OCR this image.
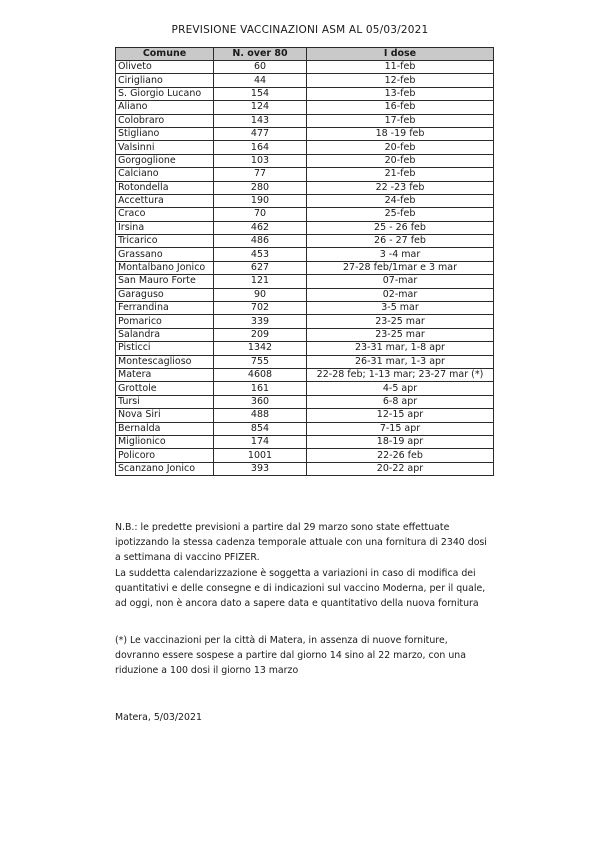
PREVISIONE VACCINAZIONI ASM AL 05/03/2021
Comune	N. over 80	I dose
Oliveto	60	11-feb
Cirigliano	44	12-feb
S. Giorgio Lucano	154	13-feb
Aliano	124	16-feb
Colobraro	143	17-feb
Stigliano	477	18 -19 feb
Valsinni	164	20-feb
Gorgoglione	103	20-feb
Calciano	77	21-feb
Rotondella	280	22 -23 feb
Accettura	190	24-feb
Craco	70	25-feb
Irsina	462	25 - 26 feb
Tricarico	486	26 - 27 feb
Grassano	453	3 -4 mar
Montalbano Jonico	627	27-28 feb/1mar e 3 mar
San Mauro Forte	121	07-mar
Garaguso	90	02-mar
Ferrandina	702	3-5 mar
Pomarico	339	23-25 mar
Salandra	209	23-25 mar
Pisticci	1342	23-31 mar, 1-8 apr
Montescaglioso	755	26-31 mar, 1-3 apr
Matera	4608	22-28 feb; 1-13 mar; 23-27 mar (*)
Grottole	161	4-5 apr
Tursi	360	6-8 apr
Nova Siri	488	12-15 apr
Bernalda	854	7-15 apr
Miglionico	174	18-19 apr
Policoro	1001	22-26 feb
Scanzano Jonico	393	20-22 apr

N.B.: le predette previsioni a partire dal 29 marzo sono state effettuate

ipotizzando la stessa cadenza temporale attuale con una fornitura di 2340 dosi

a settimana di vaccino PFIZER.

La suddetta calendarizzazione è soggetta a variazioni in caso di modifica dei

quantitativi e delle consegne e di indicazioni sul vaccino Moderna, per il quale,

ad oggi, non è ancora dato a sapere data e quantitativo della nuova fornitura

(*) Le vaccinazioni per la città di Matera, in assenza di nuove forniture,

dovranno essere sospese a partire dal giorno 14 sino al 22 marzo, con una

riduzione a 100 dosi il giorno 13 marzo

Matera, 5/03/2021
